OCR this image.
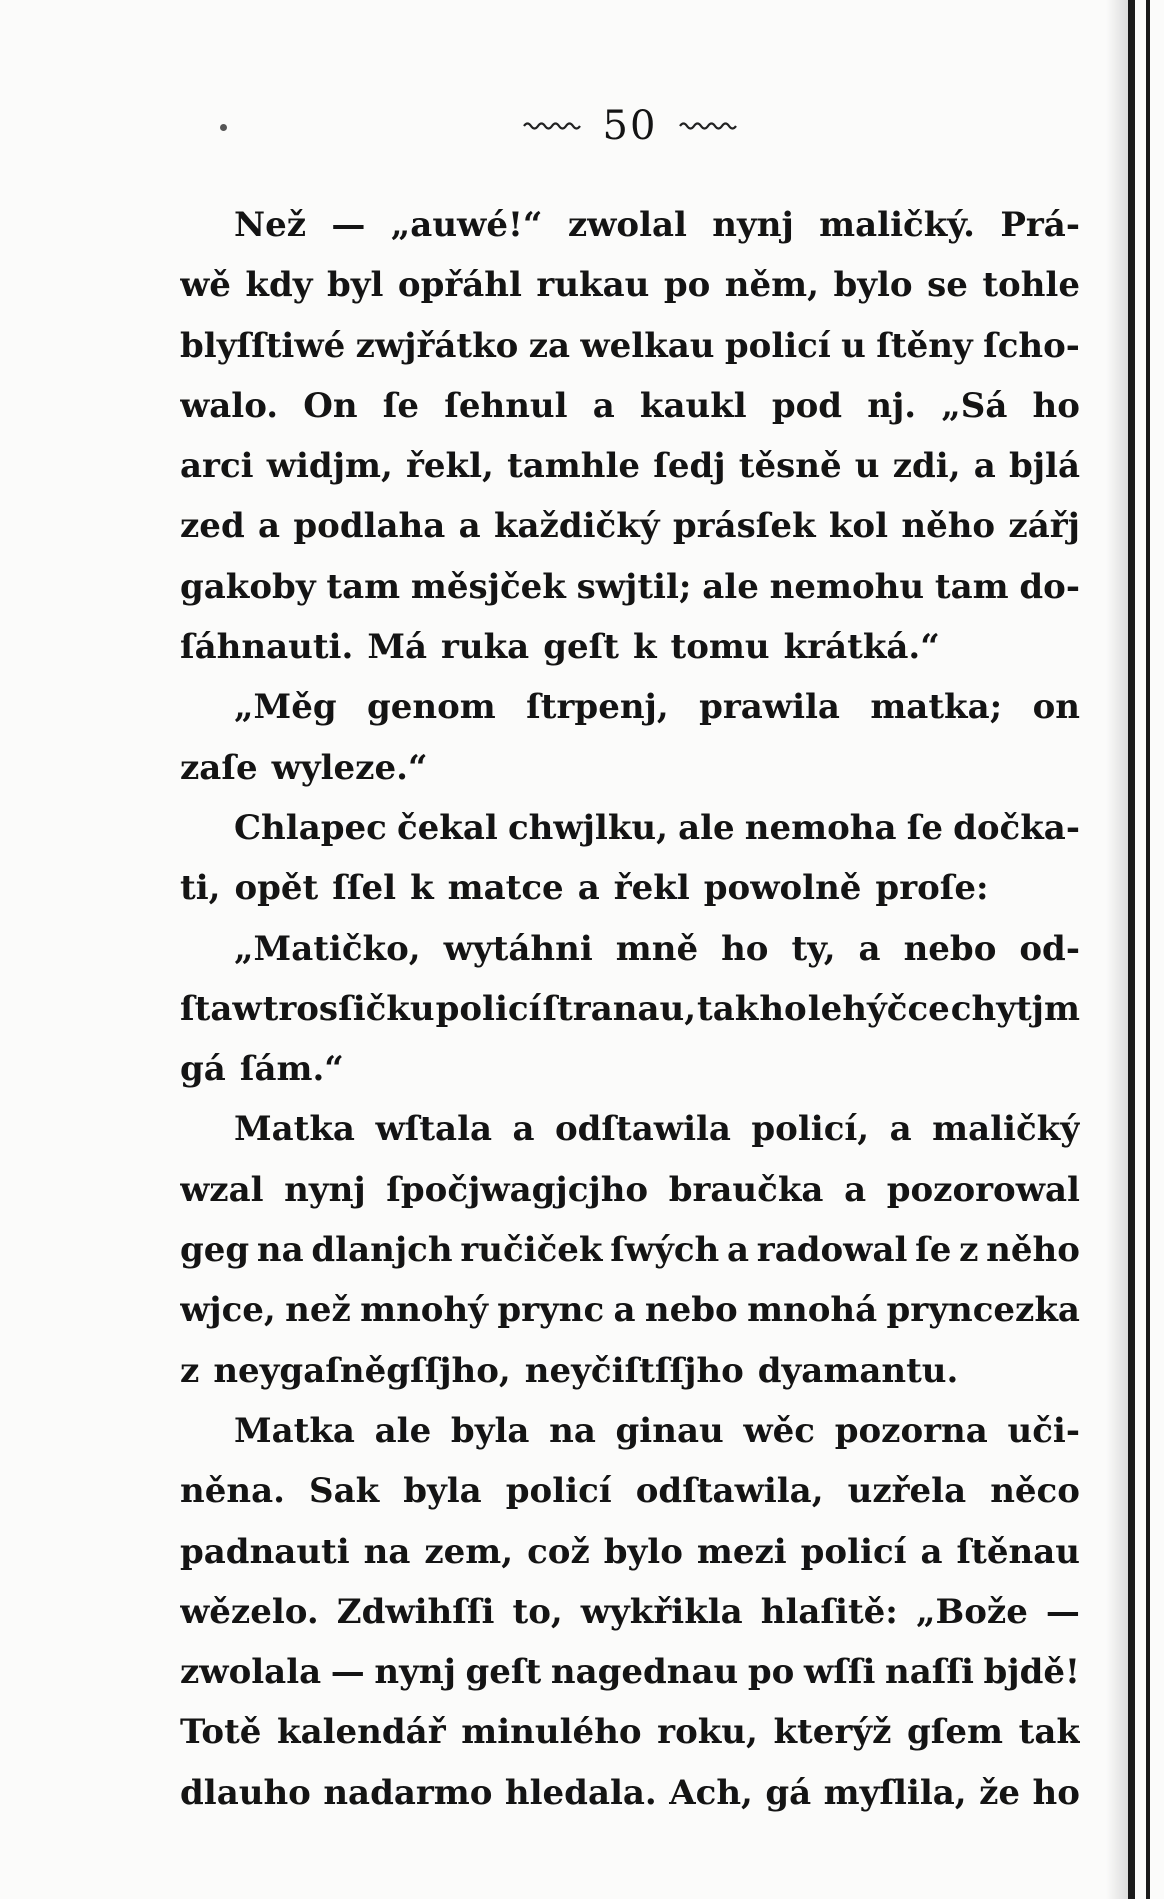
50
Než — „auwé!“ zwolal nynj maličký. Prá-
wě kdy byl opřáhl rukau po něm, bylo se tohle
blyſſtiwé zwjřátko za welkau policí u ſtěny ſcho-
walo. On ſe ſehnul a kaukl pod nj. „Sá ho
arci widjm, řekl, tamhle ſedj těsně u zdi, a bjlá
zed a podlaha a každičký prásſek kol něho zářj
gakoby tam měsjček swjtil; ale nemohu tam do-
ſáhnauti. Má ruka geſt k tomu krátká.“
„Měg genom ſtrpenj, prawila matka; on
zaſe wyleze.“
Chlapec čekal chwjlku, ale nemoha ſe dočka-
ti, opět ſſel k matce a řekl powolně proſe:
„Matičko, wytáhni mně ho ty, a nebo od-
ſtaw trosſičku policí ſtranau, tak ho lehýčce chytjm
gá ſám.“
Matka wſtala a odſtawila policí, a maličký
wzal nynj ſpočjwagjcjho braučka a pozorowal
geg na dlanjch ručiček ſwých a radowal ſe z něho
wjce, než mnohý prync a nebo mnohá pryncezka
z neygaſněgſſjho, neyčiſtſſjho dyamantu.
Matka ale byla na ginau wěc pozorna uči-
něna. Sak byla policí odſtawila, uzřela něco
padnauti na zem, což bylo mezi policí a ſtěnau
wězelo. Zdwihſſi to, wykřikla hlaſitě: „Bože —
zwolala — nynj geſt nagednau po wſſi naſſi bjdě!
Totě kalendář minulého roku, kterýž gſem tak
dlauho nadarmo hledala. Ach, gá myſlila, že ho
